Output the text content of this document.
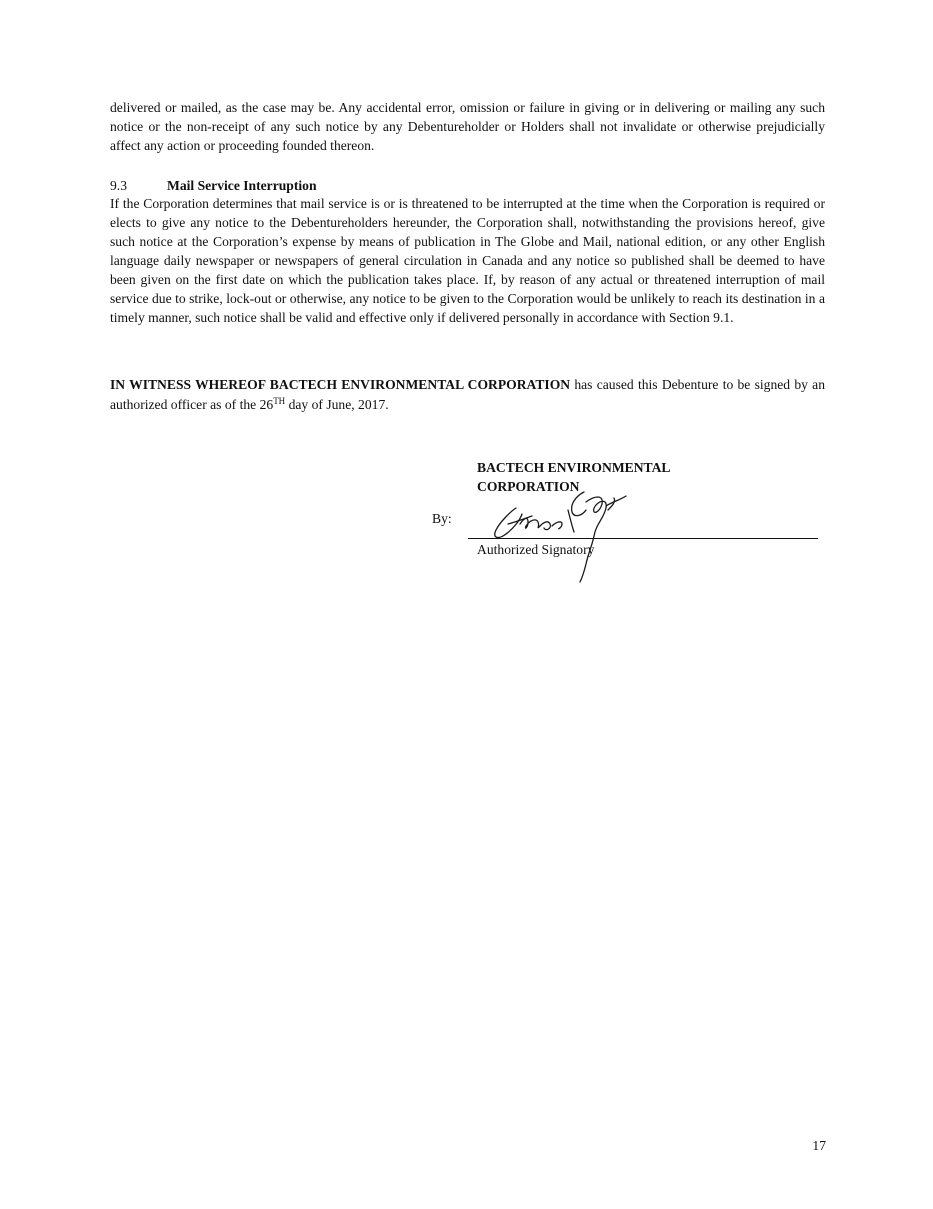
delivered or mailed, as the case may be. Any accidental error, omission or failure in giving or in delivering or mailing any such notice or the non-receipt of any such notice by any Debentureholder or Holders shall not invalidate or otherwise prejudicially affect any action or proceeding founded thereon.

9.3	Mail Service Interruption

If the Corporation determines that mail service is or is threatened to be interrupted at the time when the Corporation is required or elects to give any notice to the Debentureholders hereunder, the Corporation shall, notwithstanding the provisions hereof, give such notice at the Corporation’s expense by means of publication in The Globe and Mail, national edition, or any other English language daily newspaper or newspapers of general circulation in Canada and any notice so published shall be deemed to have been given on the first date on which the publication takes place. If, by reason of any actual or threatened interruption of mail service due to strike, lock-out or otherwise, any notice to be given to the Corporation would be unlikely to reach its destination in a timely manner, such notice shall be valid and effective only if delivered personally in accordance with Section 9.1.

IN WITNESS WHEREOF BACTECH ENVIRONMENTAL CORPORATION has caused this Debenture to be signed by an authorized officer as of the 26TH day of June, 2017.

BACTECH ENVIRONMENTAL
CORPORATION
By:
Authorized Signatory
17
